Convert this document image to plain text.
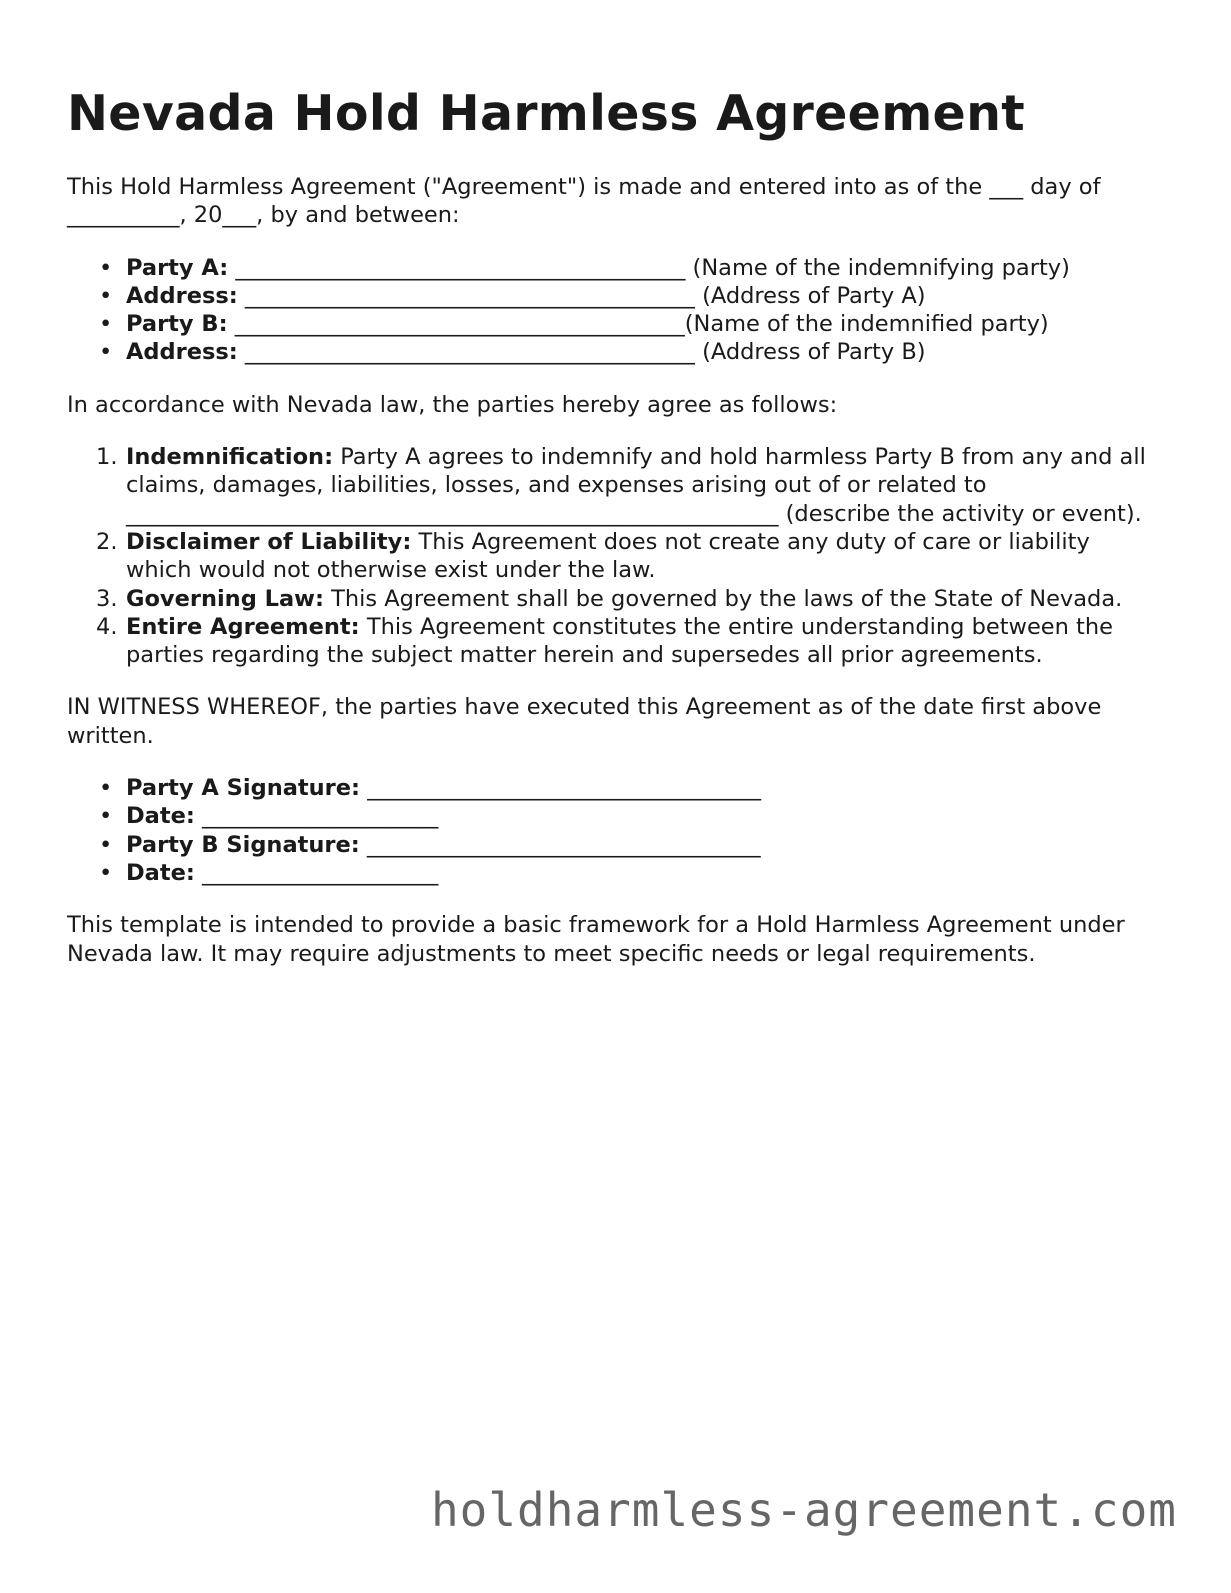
Nevada Hold Harmless Agreement

This Hold Harmless Agreement ("Agreement") is made and entered into as of the ___ day of __________, 20___, by and between:

• Party A: ________________________________________ (Name of the indemnifying party)
• Address: ________________________________________ (Address of Party A)
• Party B: ________________________________________(Name of the indemnified party)
• Address: ________________________________________ (Address of Party B)

In accordance with Nevada law, the parties hereby agree as follows:

1. Indemnification: Party A agrees to indemnify and hold harmless Party B from any and all claims, damages, liabilities, losses, and expenses arising out of or related to __________________________________________________________ (describe the activity or event).
2. Disclaimer of Liability: This Agreement does not create any duty of care or liability which would not otherwise exist under the law.
3. Governing Law: This Agreement shall be governed by the laws of the State of Nevada.
4. Entire Agreement: This Agreement constitutes the entire understanding between the parties regarding the subject matter herein and supersedes all prior agreements.

IN WITNESS WHEREOF, the parties have executed this Agreement as of the date first above written.

• Party A Signature: ___________________________________
• Date: _____________________
• Party B Signature: ___________________________________
• Date: _____________________

This template is intended to provide a basic framework for a Hold Harmless Agreement under Nevada law. It may require adjustments to meet specific needs or legal requirements.

holdharmless-agreement.com
